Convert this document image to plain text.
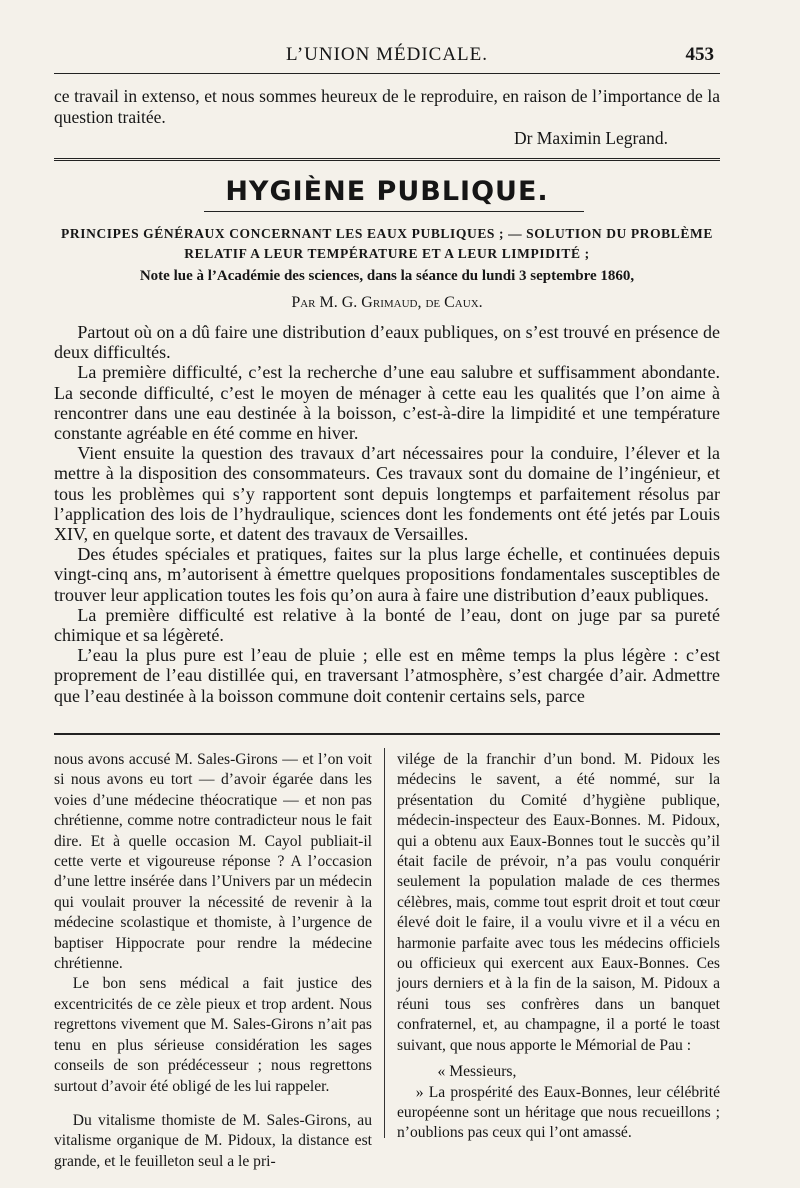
L’UNION MÉDICALE.	453

ce travail in extenso, et nous sommes heureux de le reproduire, en raison de l’importance de la question traitée.

Dr Maximin Legrand.
HYGIÈNE PUBLIQUE.
PRINCIPES GÉNÉRAUX CONCERNANT LES EAUX PUBLIQUES ; — SOLUTION DU PROBLÈME
RELATIF A LEUR TEMPÉRATURE ET A LEUR LIMPIDITÉ ;
Note lue à l’Académie des sciences, dans la séance du lundi 3 septembre 1860,
Par M. G. Grimaud, de Caux.

Partout où on a dû faire une distribution d’eaux publiques, on s’est trouvé en présence de deux difficultés.

La première difficulté, c’est la recherche d’une eau salubre et suffisamment abondante. La seconde difficulté, c’est le moyen de ménager à cette eau les qualités que l’on aime à rencontrer dans une eau destinée à la boisson, c’est-à-dire la limpidité et une température constante agréable en été comme en hiver.

Vient ensuite la question des travaux d’art nécessaires pour la conduire, l’élever et la mettre à la disposition des consommateurs. Ces travaux sont du domaine de l’ingénieur, et tous les problèmes qui s’y rapportent sont depuis longtemps et parfaitement résolus par l’application des lois de l’hydraulique, sciences dont les fondements ont été jetés par Louis XIV, en quelque sorte, et datent des travaux de Versailles.

Des études spéciales et pratiques, faites sur la plus large échelle, et continuées depuis vingt-cinq ans, m’autorisent à émettre quelques propositions fondamentales susceptibles de trouver leur application toutes les fois qu’on aura à faire une distribution d’eaux publiques.

La première difficulté est relative à la bonté de l’eau, dont on juge par sa pureté chimique et sa légèreté.

L’eau la plus pure est l’eau de pluie ; elle est en même temps la plus légère : c’est proprement de l’eau distillée qui, en traversant l’atmosphère, s’est chargée d’air. Admettre que l’eau destinée à la boisson commune doit contenir certains sels, parce

nous avons accusé M. Sales-Girons — et l’on voit si nous avons eu tort — d’avoir égarée dans les voies d’une médecine théocratique — et non pas chrétienne, comme notre contradicteur nous le fait dire. Et à quelle occasion M. Cayol publiait-il cette verte et vigoureuse réponse ? A l’occasion d’une lettre insérée dans l’Univers par un médecin qui voulait prouver la nécessité de revenir à la médecine scolastique et thomiste, à l’urgence de baptiser Hippocrate pour rendre la médecine chrétienne.

Le bon sens médical a fait justice des excentricités de ce zèle pieux et trop ardent. Nous regrettons vivement que M. Sales-Girons n’ait pas tenu en plus sérieuse considération les sages conseils de son prédécesseur ; nous regrettons surtout d’avoir été obligé de les lui rappeler.

Du vitalisme thomiste de M. Sales-Girons, au vitalisme organique de M. Pidoux, la distance est grande, et le feuilleton seul a le pri-

vilége de la franchir d’un bond. M. Pidoux les médecins le savent, a été nommé, sur la présentation du Comité d’hygiène publique, médecin-inspecteur des Eaux-Bonnes. M. Pidoux, qui a obtenu aux Eaux-Bonnes tout le succès qu’il était facile de prévoir, n’a pas voulu conquérir seulement la population malade de ces thermes célèbres, mais, comme tout esprit droit et tout cœur élevé doit le faire, il a voulu vivre et il a vécu en harmonie parfaite avec tous les médecins officiels ou officieux qui exercent aux Eaux-Bonnes. Ces jours derniers et à la fin de la saison, M. Pidoux a réuni tous ses confrères dans un banquet confraternel, et, au champagne, il a porté le toast suivant, que nous apporte le Mémorial de Pau :

« Messieurs,

» La prospérité des Eaux-Bonnes, leur célébrité européenne sont un héritage que nous recueillons ; n’oublions pas ceux qui l’ont amassé.
